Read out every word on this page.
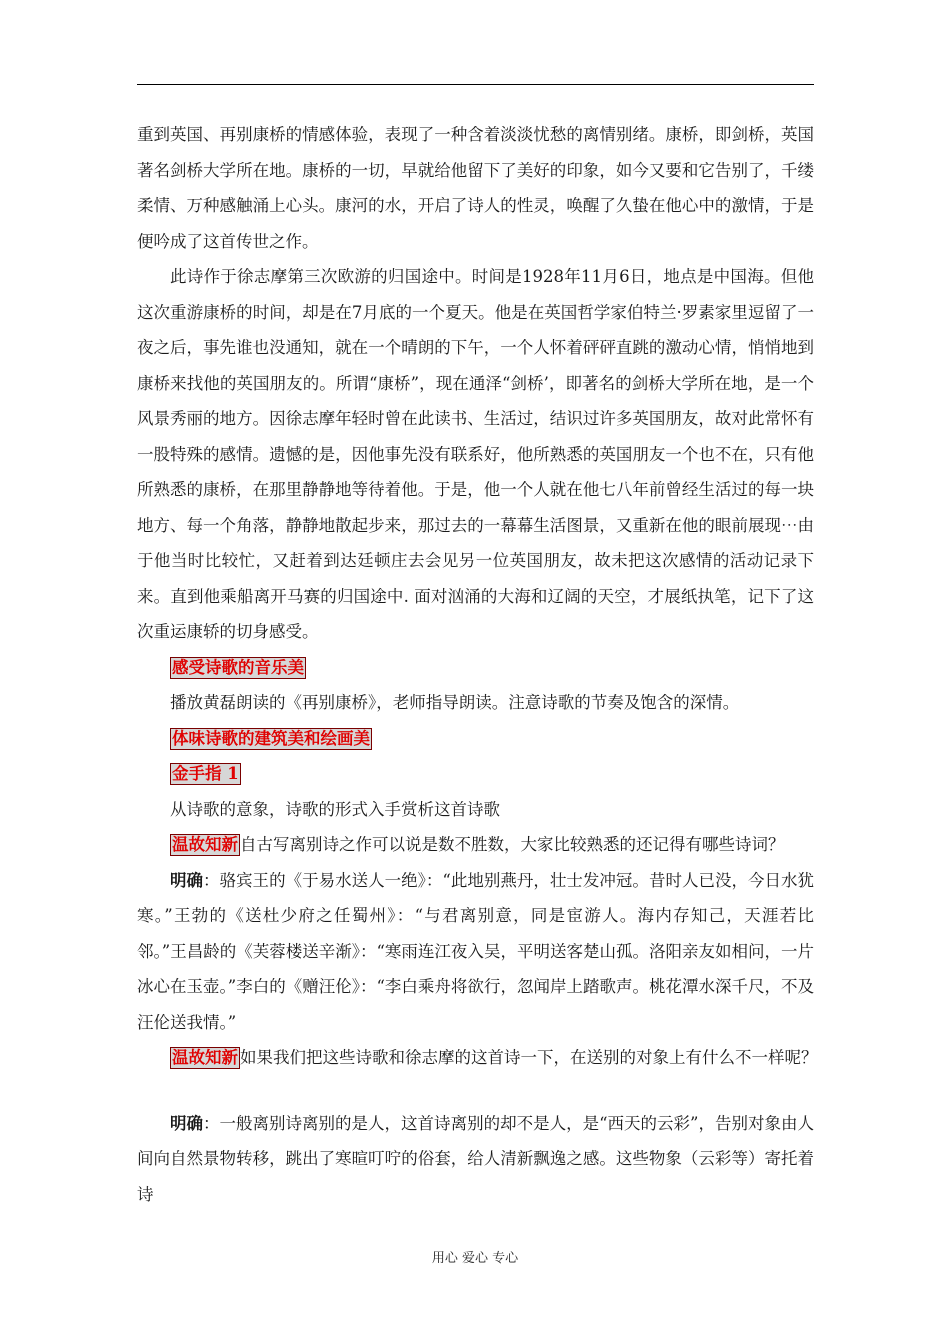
重到英国、再别康桥的情感体验，表现了一种含着淡淡忧愁的离情别绪。康桥，即剑桥，英国著名剑桥大学所在地。康桥的一切，早就给他留下了美好的印象，如今又要和它告别了，千缕柔情、万种感触涌上心头。康河的水，开启了诗人的性灵，唤醒了久蛰在他心中的激情，于是便吟成了这首传世之作。

此诗作于徐志摩第三次欧游的归国途中。时间是1928年11月6日，地点是中国海。但他这次重游康桥的时间，却是在7月底的一个夏天。他是在英国哲学家伯特兰·罗素家里逗留了一夜之后，事先谁也没通知，就在一个晴朗的下午，一个人怀着砰砰直跳的激动心情，悄悄地到康桥来找他的英国朋友的。所谓“康桥”，现在通泽“剑桥’，即著名的剑桥大学所在地，是一个风景秀丽的地方。因徐志摩年轻时曾在此读书、生活过，结识过许多英国朋友，故对此常怀有一股特殊的感情。遗憾的是，因他事先没有联系好，他所熟悉的英国朋友一个也不在，只有他所熟悉的康桥，在那里静静地等待着他。于是，他一个人就在他七八年前曾经生活过的每一块地方、每一个角落，静静地散起步来，那过去的一幕幕生活图景，又重新在他的眼前展现⋯由于他当时比较忙，又赶着到达廷顿庄去会见另一位英国朋友，故未把这次感情的活动记录下来。直到他乘船离开马赛的归国途中. 面对汹涌的大海和辽阔的天空，才展纸执笔，记下了这次重运康轿的切身感受。

感受诗歌的音乐美

播放黄磊朗读的《再别康桥》，老师指导朗读。注意诗歌的节奏及饱含的深情。

体味诗歌的建筑美和绘画美

金手指 1

从诗歌的意象，诗歌的形式入手赏析这首诗歌

温故知新 自古写离别诗之作可以说是数不胜数，大家比较熟悉的还记得有哪些诗词？

明确：骆宾王的《于易水送人一绝》：“此地别燕丹，壮士发冲冠。昔时人已没，今日水犹寒。”王勃的《送杜少府之任蜀州》：“与君离别意，同是宦游人。海内存知己，天涯若比邻。”王昌龄的《芙蓉楼送辛渐》：“寒雨连江夜入吴，平明送客楚山孤。洛阳亲友如相问，一片冰心在玉壶。”李白的《赠汪伦》：“李白乘舟将欲行，忽闻岸上踏歌声。桃花潭水深千尺，不及汪伦送我情。”

温故知新 如果我们把这些诗歌和徐志摩的这首诗一下，在送别的对象上有什么不一样呢？

明确：一般离别诗离别的是人，这首诗离别的却不是人，是“西天的云彩”，告别对象由人间向自然景物转移，跳出了寒暄叮咛的俗套，给人清新飘逸之感。这些物象（云彩等）寄托着诗

用心 爱心 专心
